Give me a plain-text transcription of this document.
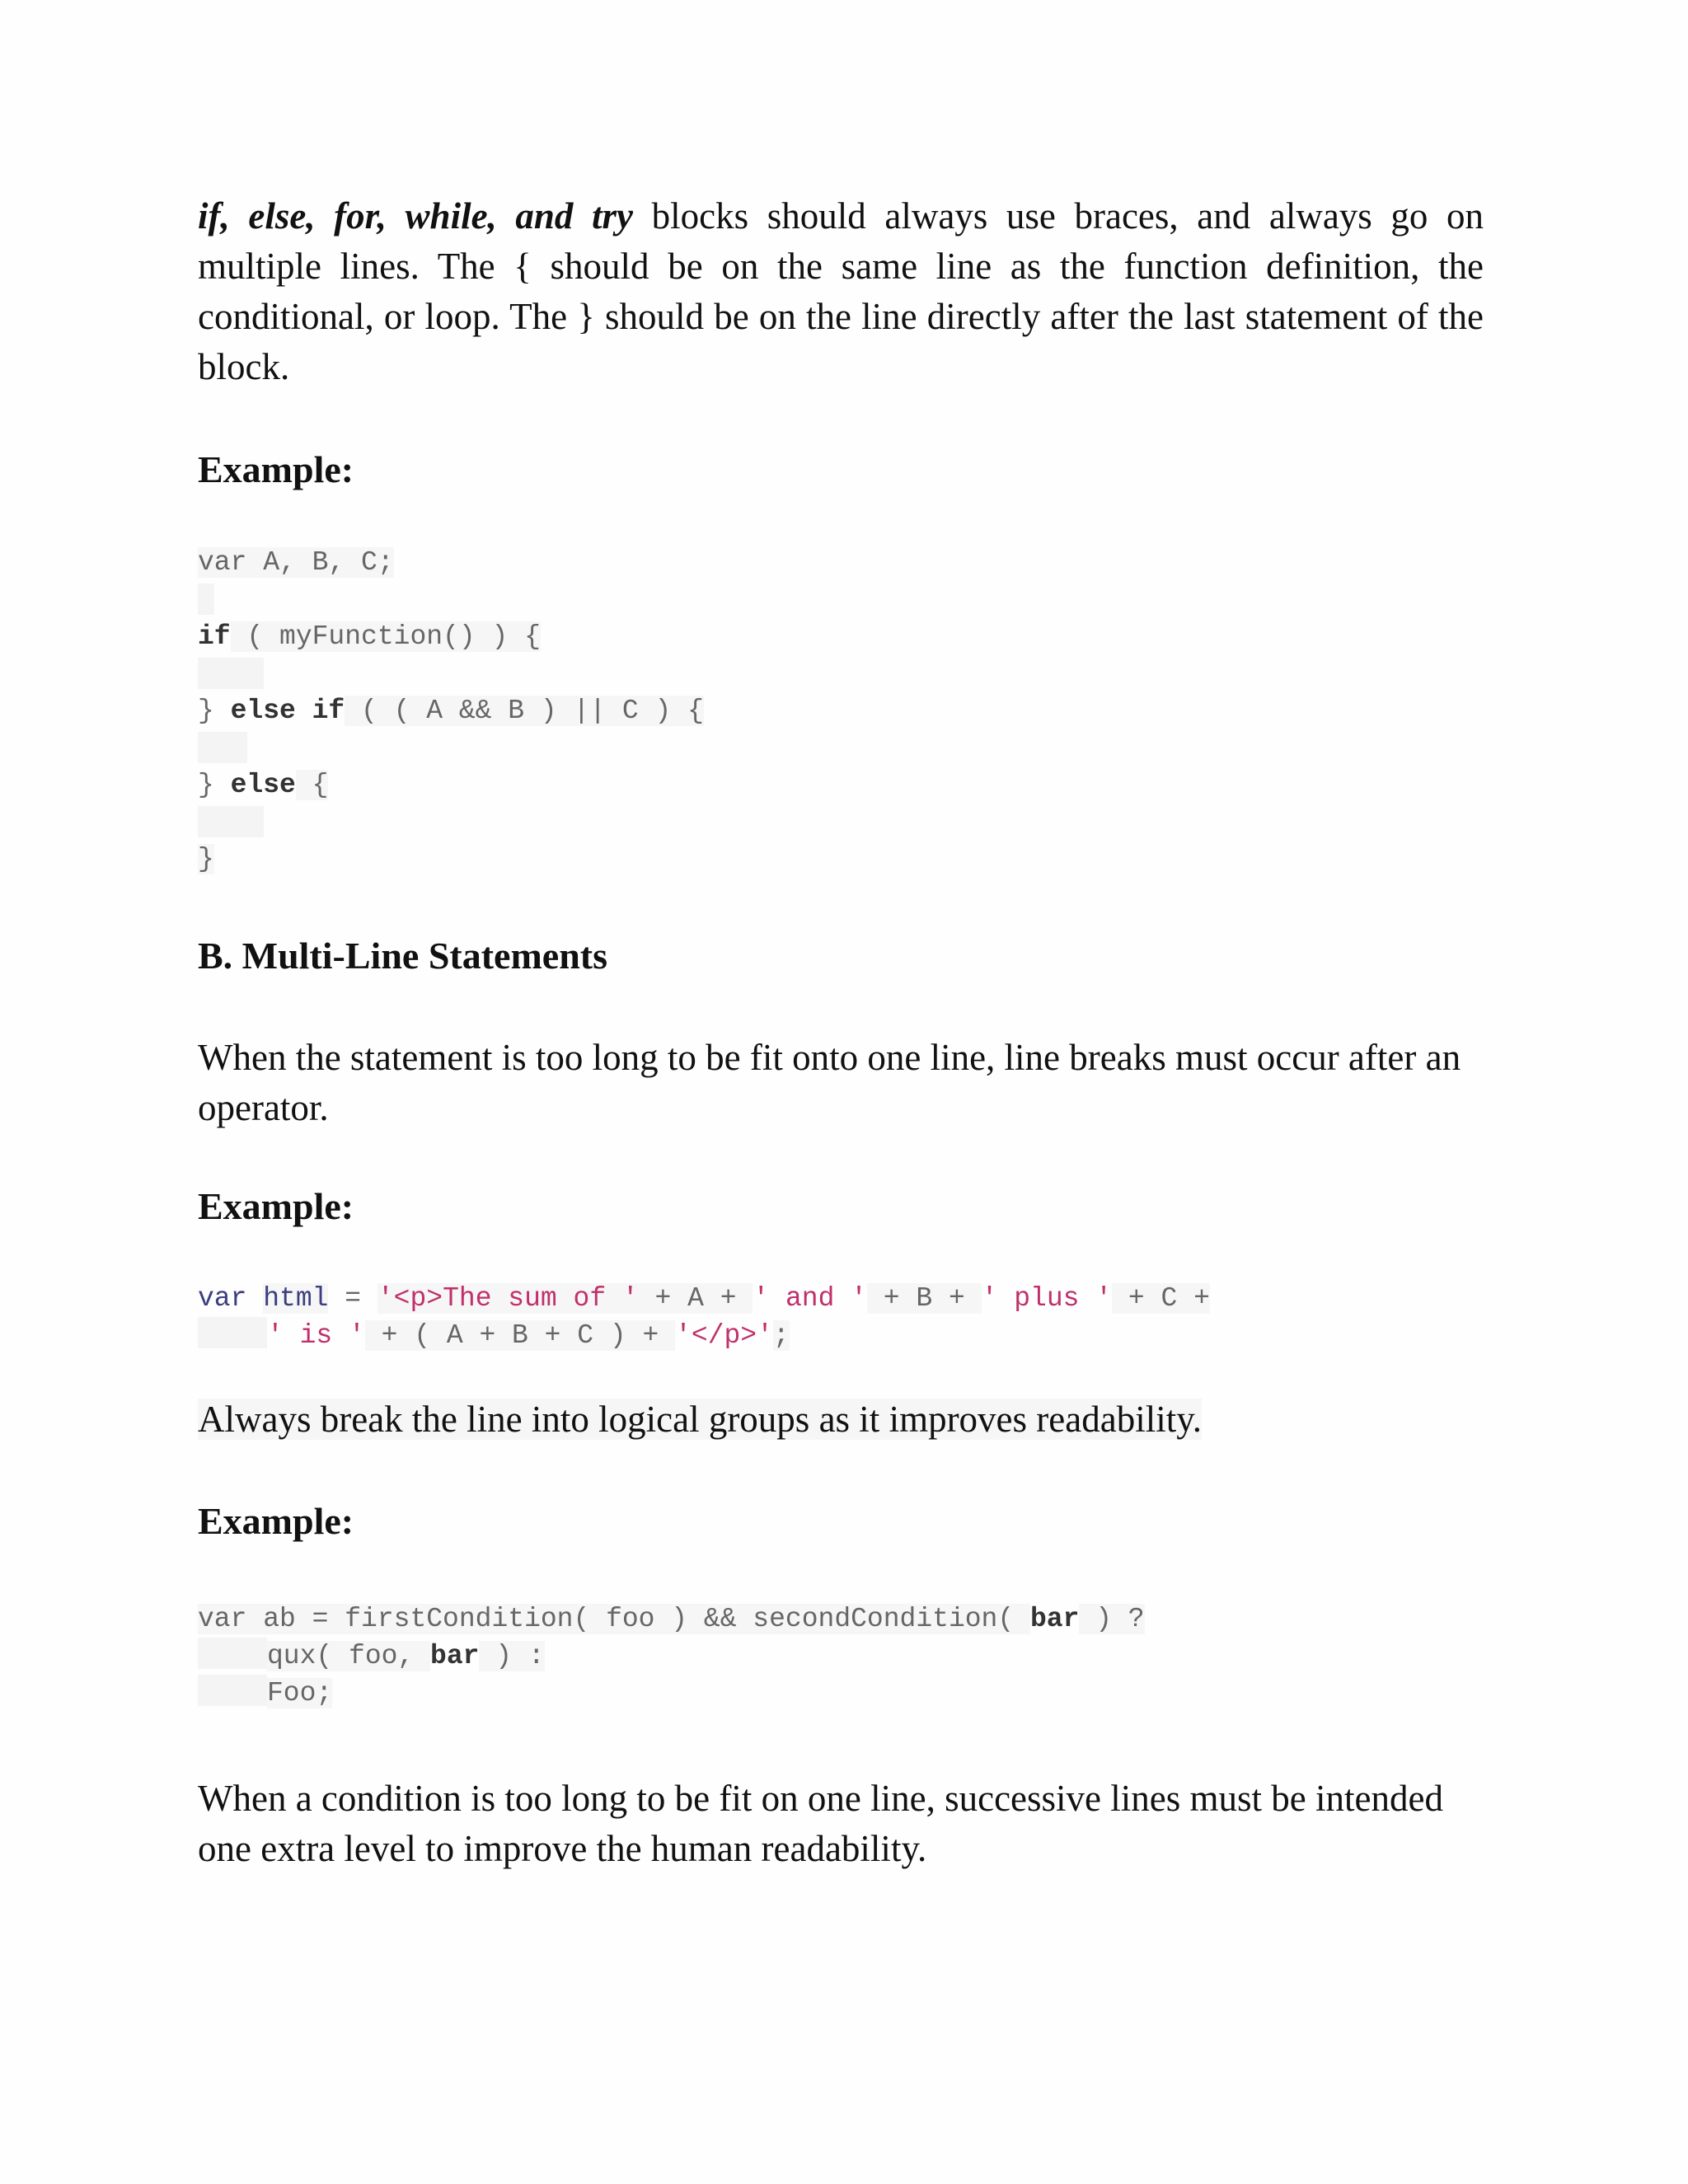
if, else, for, while, and try blocks should always use braces, and always go on multiple lines. The { should be on the same line as the function definition, the conditional, or loop. The } should be on the line directly after the last statement of the block.
Example:
var A, B, C;
if ( myFunction() ) {
} else if ( ( A && B ) || C ) {
} else {
}
B. Multi-Line Statements
When the statement is too long to be fit onto one line, line breaks must occur after an operator.
Example:
var html = '<p>The sum of ' + A + ' and ' + B + ' plus ' + C +
' is ' + ( A + B + C ) + '</p>';
Always break the line into logical groups as it improves readability.
Example:
var ab = firstCondition( foo ) && secondCondition( bar ) ?
qux( foo, bar ) :
Foo;
When a condition is too long to be fit on one line, successive lines must be intended one extra level to improve the human readability.
